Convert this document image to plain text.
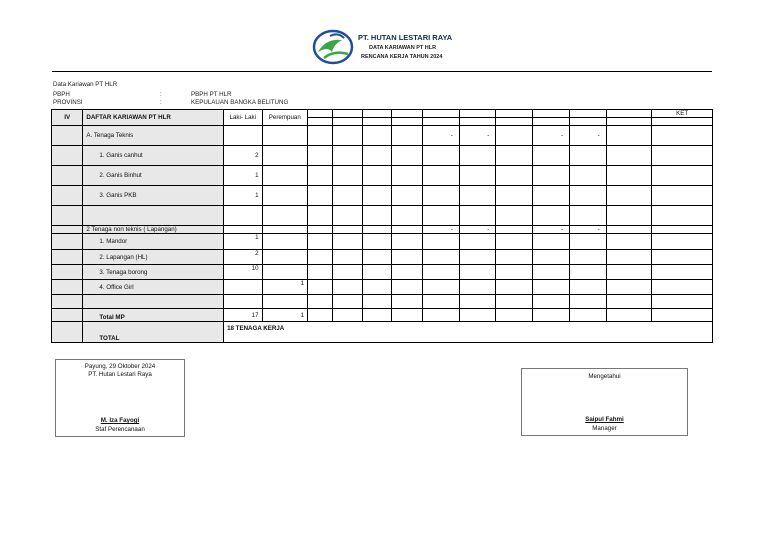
PT. HUTAN LESTARI RAYA
DATA KARIAWAN PT HLR
RENCANA KERJA TAHUN 2024
Data Kariawan PT HLR
PBPH	:	PBPH PT HLR
PROVINSI	:	KEPULAUAN BANGKA BELITUNG
IV	DAFTAR KARIAWAN PT HLR	Laki- Laki	Perempuan											KET

	A. Tenaga Teknis							-	-		-	-		
	1. Ganis canhut	2												
	2. Ganis Binhut	1												
	3. Ganis PKB	1												

	2 Tenaga non teknis ( Lapangan)							-	-		-	-		
	1. Mandor	1												
	2. Lapangan (HL)	2												
	3. Tenaga borong	10												
	4. Office Girl		1											

	Total MP	17	1											
	TOTAL	18 TENAGA KERJA												
Payung, 29 Oktober 2024
PT. Hutan Lestari Raya
M. Iza Fayogi
Staf Perencanaan
Mengetahui
Saipul Fahmi
Manager
